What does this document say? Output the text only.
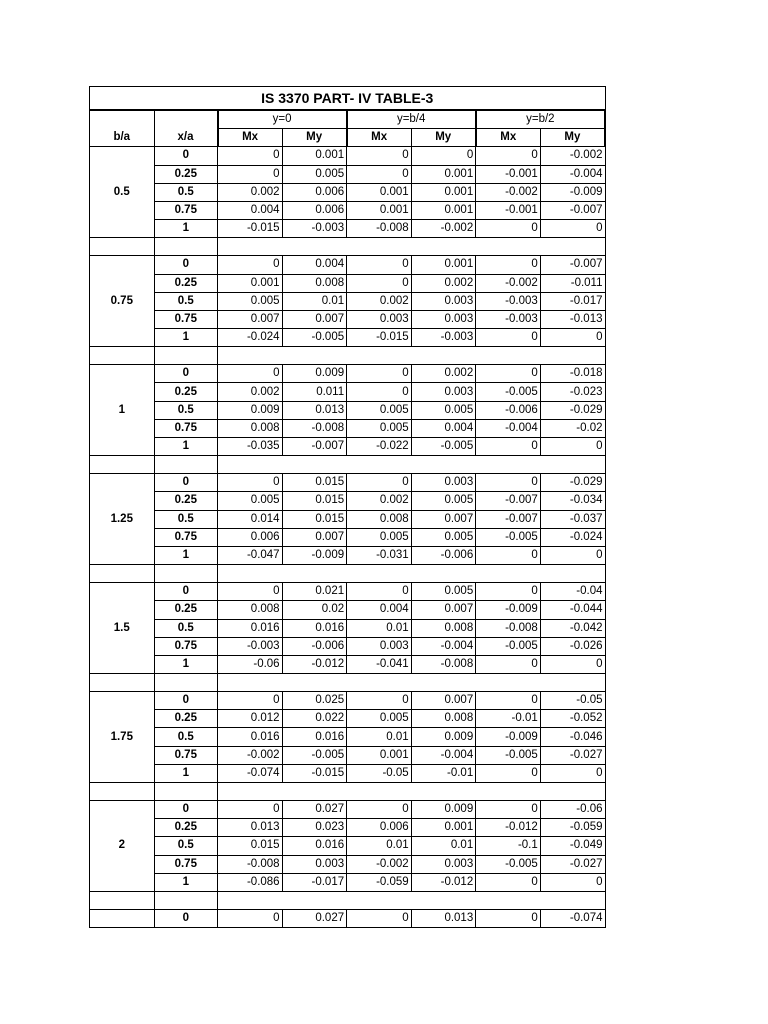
IS 3370 PART- IV TABLE-3							
		y=0		y=b/4		y=b/2	
b/a	x/a	Mx	My	Mx	My	Mx	My
0.5	0	0	0.001	0	0	0	-0.002
	0.25	0	0.005	0	0.001	-0.001	-0.004
	0.5	0.002	0.006	0.001	0.001	-0.002	-0.009
	0.75	0.004	0.006	0.001	0.001	-0.001	-0.007
	1	-0.015	-0.003	-0.008	-0.002	0	0

0.75	0	0	0.004	0	0.001	0	-0.007
	0.25	0.001	0.008	0	0.002	-0.002	-0.011
	0.5	0.005	0.01	0.002	0.003	-0.003	-0.017
	0.75	0.007	0.007	0.003	0.003	-0.003	-0.013
	1	-0.024	-0.005	-0.015	-0.003	0	0

1	0	0	0.009	0	0.002	0	-0.018
	0.25	0.002	0.011	0	0.003	-0.005	-0.023
	0.5	0.009	0.013	0.005	0.005	-0.006	-0.029
	0.75	0.008	-0.008	0.005	0.004	-0.004	-0.02
	1	-0.035	-0.007	-0.022	-0.005	0	0

1.25	0	0	0.015	0	0.003	0	-0.029
	0.25	0.005	0.015	0.002	0.005	-0.007	-0.034
	0.5	0.014	0.015	0.008	0.007	-0.007	-0.037
	0.75	0.006	0.007	0.005	0.005	-0.005	-0.024
	1	-0.047	-0.009	-0.031	-0.006	0	0

1.5	0	0	0.021	0	0.005	0	-0.04
	0.25	0.008	0.02	0.004	0.007	-0.009	-0.044
	0.5	0.016	0.016	0.01	0.008	-0.008	-0.042
	0.75	-0.003	-0.006	0.003	-0.004	-0.005	-0.026
	1	-0.06	-0.012	-0.041	-0.008	0	0

1.75	0	0	0.025	0	0.007	0	-0.05
	0.25	0.012	0.022	0.005	0.008	-0.01	-0.052
	0.5	0.016	0.016	0.01	0.009	-0.009	-0.046
	0.75	-0.002	-0.005	0.001	-0.004	-0.005	-0.027
	1	-0.074	-0.015	-0.05	-0.01	0	0

2	0	0	0.027	0	0.009	0	-0.06
	0.25	0.013	0.023	0.006	0.001	-0.012	-0.059
	0.5	0.015	0.016	0.01	0.01	-0.1	-0.049
	0.75	-0.008	0.003	-0.002	0.003	-0.005	-0.027
	1	-0.086	-0.017	-0.059	-0.012	0	0

	0	0	0.027	0	0.013	0	-0.074
